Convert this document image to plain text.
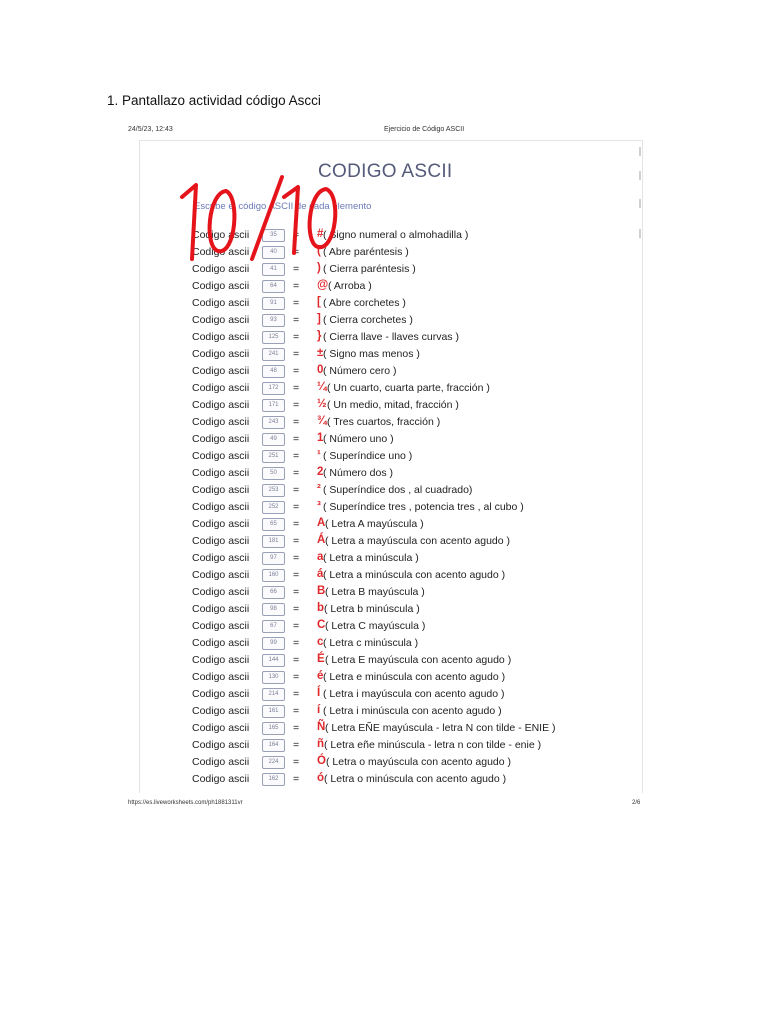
1. Pantallazo actividad código Ascci
24/5/23, 12:43	Ejercicio de Código ASCII
CODIGO ASCII
Escribe el código ASCII de cada elemento
Codigo ascii	35	= # ( Signo numeral o almohadilla )
Codigo ascii	40	= ( ( Abre paréntesis )
Codigo ascii	41	= ) ( Cierra paréntesis )
Codigo ascii	64	= @ ( Arroba )
Codigo ascii	91	= [ ( Abre corchetes )
Codigo ascii	93	= ] ( Cierra corchetes )
Codigo ascii	125	= } ( Cierra llave - llaves curvas )
Codigo ascii	241	= ± ( Signo mas menos )
Codigo ascii	48	= 0 ( Número cero )
Codigo ascii	172	= ¼ ( Un cuarto, cuarta parte, fracción )
Codigo ascii	171	= ½ ( Un medio, mitad, fracción )
Codigo ascii	243	= ¾ ( Tres cuartos, fracción )
Codigo ascii	49	= 1 ( Número uno )
Codigo ascii	251	= ¹ ( Superíndice uno )
Codigo ascii	50	= 2 ( Número dos )
Codigo ascii	253	= ² ( Superíndice dos , al cuadrado)
Codigo ascii	252	= ³ ( Superíndice tres , potencia tres , al cubo )
Codigo ascii	65	= A ( Letra A mayúscula )
Codigo ascii	181	= Á ( Letra a mayúscula con acento agudo )
Codigo ascii	97	= a ( Letra a minúscula )
Codigo ascii	160	= á ( Letra a minúscula con acento agudo )
Codigo ascii	66	= B ( Letra B mayúscula )
Codigo ascii	98	= b ( Letra b minúscula )
Codigo ascii	67	= C ( Letra C mayúscula )
Codigo ascii	99	= c ( Letra c minúscula )
Codigo ascii	144	= É ( Letra E mayúscula con acento agudo )
Codigo ascii	130	= é ( Letra e minúscula con acento agudo )
Codigo ascii	214	= Í ( Letra i mayúscula con acento agudo )
Codigo ascii	161	= í ( Letra i minúscula con acento agudo )
Codigo ascii	165	= Ñ ( Letra EÑE mayúscula - letra N con tilde - ENIE )
Codigo ascii	164	= ñ ( Letra eñe minúscula - letra n con tilde - enie )
Codigo ascii	224	= Ó ( Letra o mayúscula con acento agudo )
Codigo ascii	162	= ó ( Letra o minúscula con acento agudo )
https://es.liveworksheets.com/ph1881311vr	2/6
